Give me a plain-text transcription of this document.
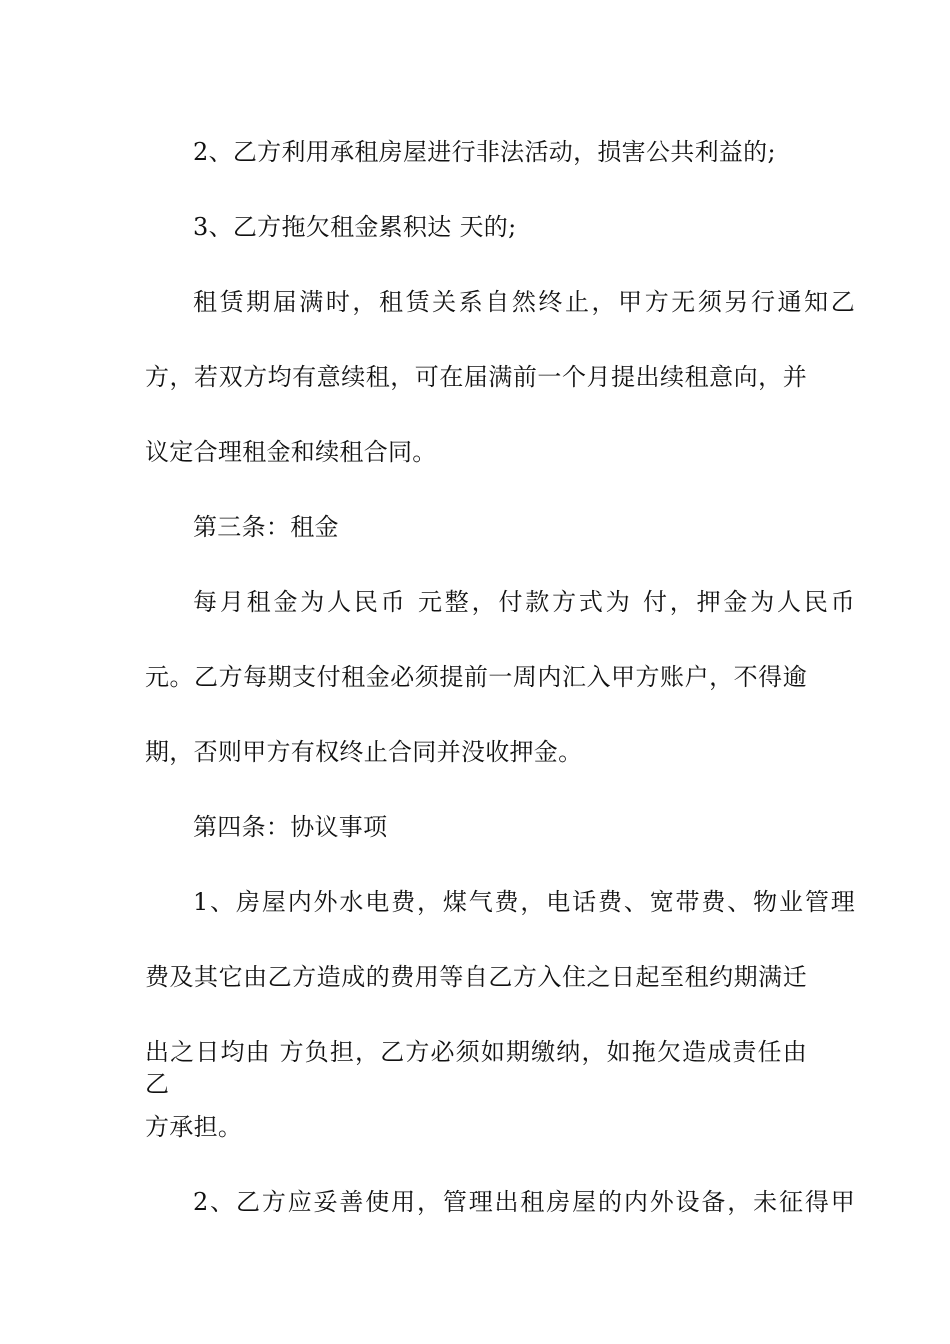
2、乙方利用承租房屋进行非法活动，损害公共利益的;
3、乙方拖欠租金累积达 天的;
租赁期届满时，租赁关系自然终止，甲方无须另行通知乙
方，若双方均有意续租，可在届满前一个月提出续租意向，并
议定合理租金和续租合同。
第三条：租金
每月租金为人民币 元整，付款方式为 付，押金为人民币
元。乙方每期支付租金必须提前一周内汇入甲方账户，不得逾
期，否则甲方有权终止合同并没收押金。
第四条：协议事项
1、房屋内外水电费，煤气费，电话费、宽带费、物业管理
费及其它由乙方造成的费用等自乙方入住之日起至租约期满迁
出之日均由 方负担，乙方必须如期缴纳，如拖欠造成责任由乙
方承担。
2、乙方应妥善使用，管理出租房屋的内外设备，未征得甲
